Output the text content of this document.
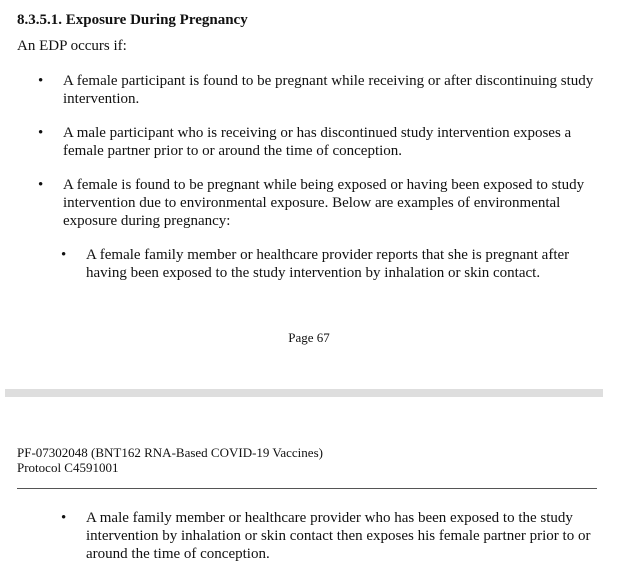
8.3.5.1. Exposure During Pregnancy

An EDP occurs if:

• A female participant is found to be pregnant while receiving or after discontinuing study intervention.
• A male participant who is receiving or has discontinued study intervention exposes a female partner prior to or around the time of conception.
• A female is found to be pregnant while being exposed or having been exposed to study intervention due to environmental exposure. Below are examples of environmental exposure during pregnancy:
• A female family member or healthcare provider reports that she is pregnant after having been exposed to the study intervention by inhalation or skin contact.
Page 67
PF-07302048 (BNT162 RNA-Based COVID-19 Vaccines)
Protocol C4591001
• A male family member or healthcare provider who has been exposed to the study intervention by inhalation or skin contact then exposes his female partner prior to or around the time of conception.
